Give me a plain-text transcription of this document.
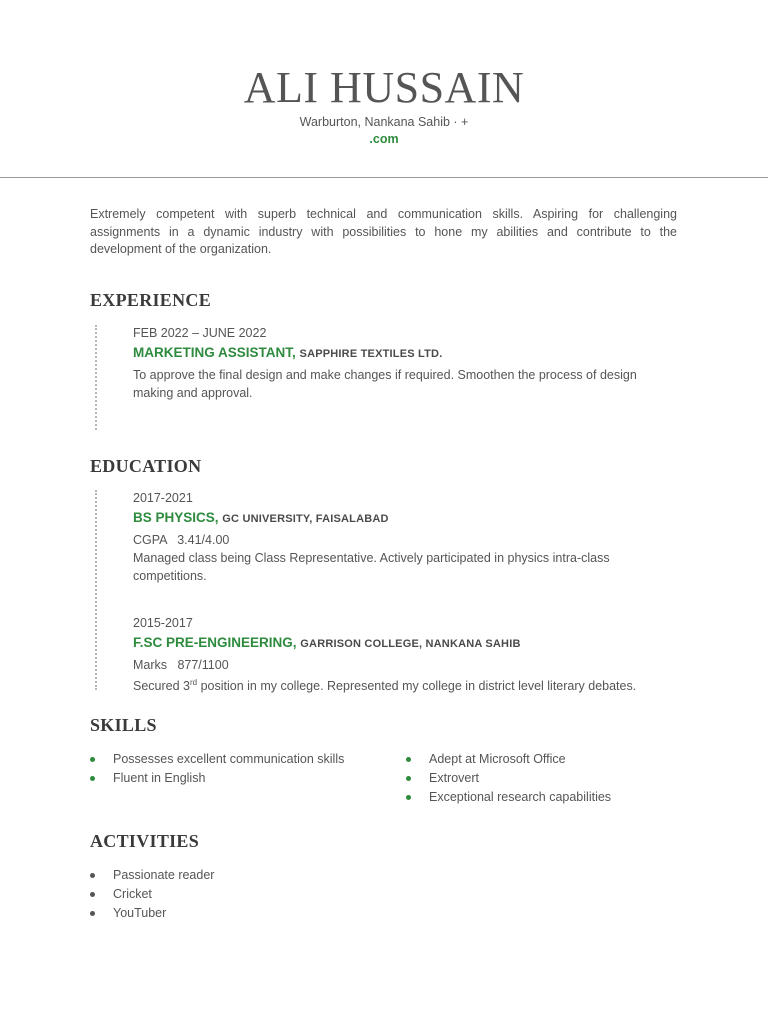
ALI HUSSAIN
Warburton, Nankana Sahib · +
.com
Extremely competent with superb technical and communication skills. Aspiring for challenging assignments in a dynamic industry with possibilities to hone my abilities and contribute to the development of the organization.
EXPERIENCE
FEB 2022 – JUNE 2022
MARKETING ASSISTANT, SAPPHIRE TEXTILES LTD.
To approve the final design and make changes if required. Smoothen the process of design making and approval.
EDUCATION
2017-2021
BS PHYSICS, GC UNIVERSITY, FAISALABAD
CGPA   3.41/4.00
Managed class being Class Representative. Actively participated in physics intra-class competitions.
2015-2017
F.SC PRE-ENGINEERING, GARRISON COLLEGE, NANKANA SAHIB
Marks   877/1100
Secured 3rd position in my college. Represented my college in district level literary debates.
SKILLS
Possesses excellent communication skills
Fluent in English
Adept at Microsoft Office
Extrovert
Exceptional research capabilities
ACTIVITIES
Passionate reader
Cricket
YouTuber
